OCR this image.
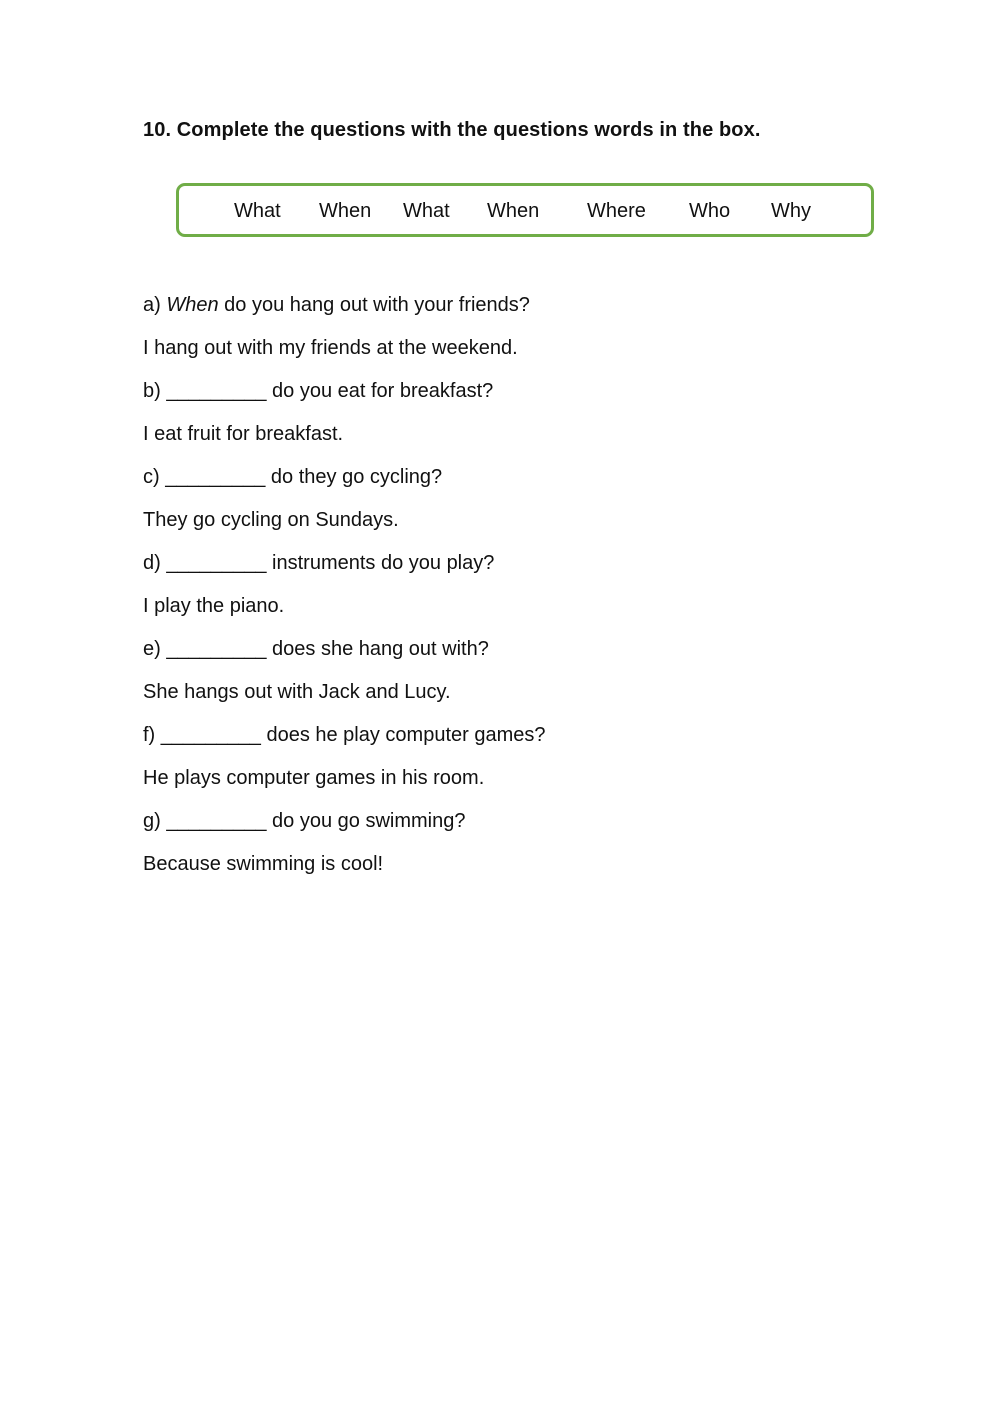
10. Complete the questions with the questions words in the box.
What When What When Where Who Why
a) When do you hang out with your friends?
I hang out with my friends at the weekend.
b) _________ do you eat for breakfast?
I eat fruit for breakfast.
c) _________ do they go cycling?
They go cycling on Sundays.
d) _________ instruments do you play?
I play the piano.
e) _________ does she hang out with?
She hangs out with Jack and Lucy.
f) _________ does he play computer games?
He plays computer games in his room.
g) _________ do you go swimming?
Because swimming is cool!
